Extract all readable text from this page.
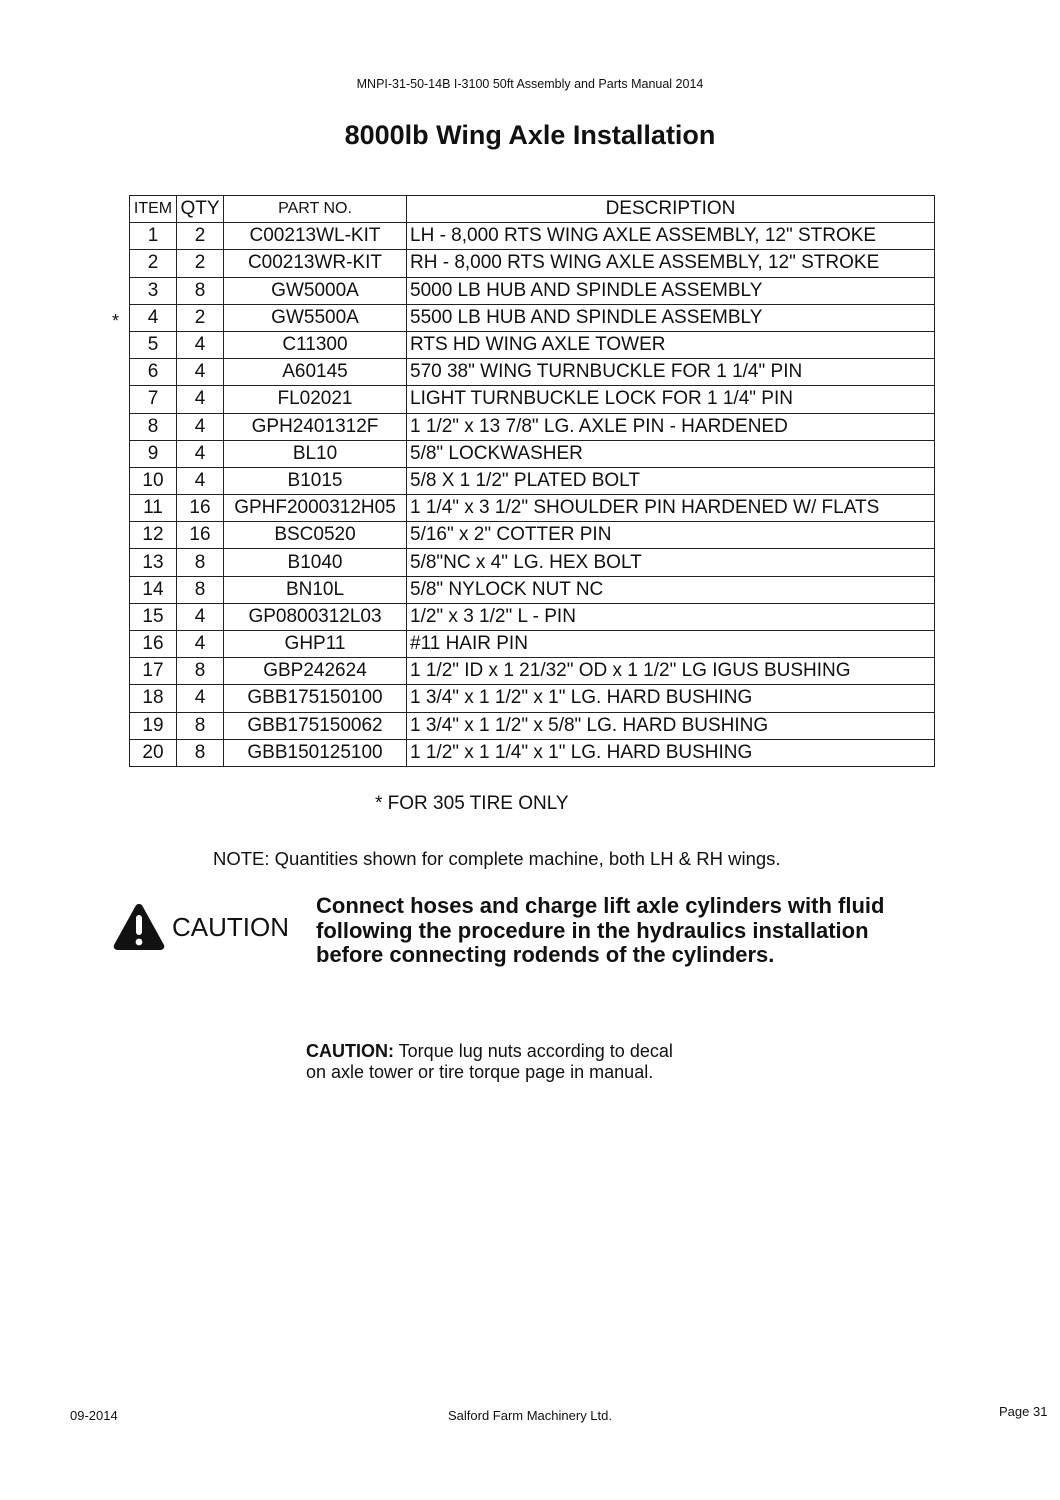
MNPI-31-50-14B I-3100 50ft Assembly and Parts Manual 2014
8000lb Wing Axle Installation
ITEM	QTY	PART NO.	DESCRIPTION
1	2	C00213WL-KIT	LH - 8,000 RTS WING AXLE ASSEMBLY, 12" STROKE
2	2	C00213WR-KIT	RH - 8,000 RTS WING AXLE ASSEMBLY, 12" STROKE
3	8	GW5000A	5000 LB HUB AND SPINDLE ASSEMBLY
4	2	GW5500A	5500 LB HUB AND SPINDLE ASSEMBLY
5	4	C11300	RTS HD WING AXLE TOWER
6	4	A60145	570 38" WING TURNBUCKLE FOR 1 1/4" PIN
7	4	FL02021	LIGHT TURNBUCKLE LOCK FOR 1 1/4" PIN
8	4	GPH2401312F	1 1/2" x 13 7/8" LG. AXLE PIN - HARDENED
9	4	BL10	5/8" LOCKWASHER
10	4	B1015	5/8 X 1 1/2" PLATED BOLT
11	16	GPHF2000312H05	1 1/4" x 3 1/2" SHOULDER PIN HARDENED W/ FLATS
12	16	BSC0520	5/16" x 2" COTTER PIN
13	8	B1040	5/8"NC x 4" LG. HEX BOLT
14	8	BN10L	5/8" NYLOCK NUT NC
15	4	GP0800312L03	1/2" x 3 1/2" L - PIN
16	4	GHP11	#11 HAIR PIN
17	8	GBP242624	1 1/2" ID x 1 21/32" OD x 1 1/2" LG IGUS BUSHING
18	4	GBB175150100	1 3/4" x 1 1/2" x 1" LG. HARD BUSHING
19	8	GBB175150062	1 3/4" x 1 1/2" x 5/8" LG. HARD BUSHING
20	8	GBB150125100	1 1/2" x 1 1/4" x 1" LG. HARD BUSHING
*
* FOR 305 TIRE ONLY
NOTE: Quantities shown for complete machine, both LH & RH wings.
CAUTION
Connect hoses and charge lift axle cylinders with fluid
following the procedure in the hydraulics installation
before connecting rodends of the cylinders.
CAUTION: Torque lug nuts according to decal
on axle tower or tire torque page in manual.
09-2014	Salford Farm Machinery Ltd.	Page 31
